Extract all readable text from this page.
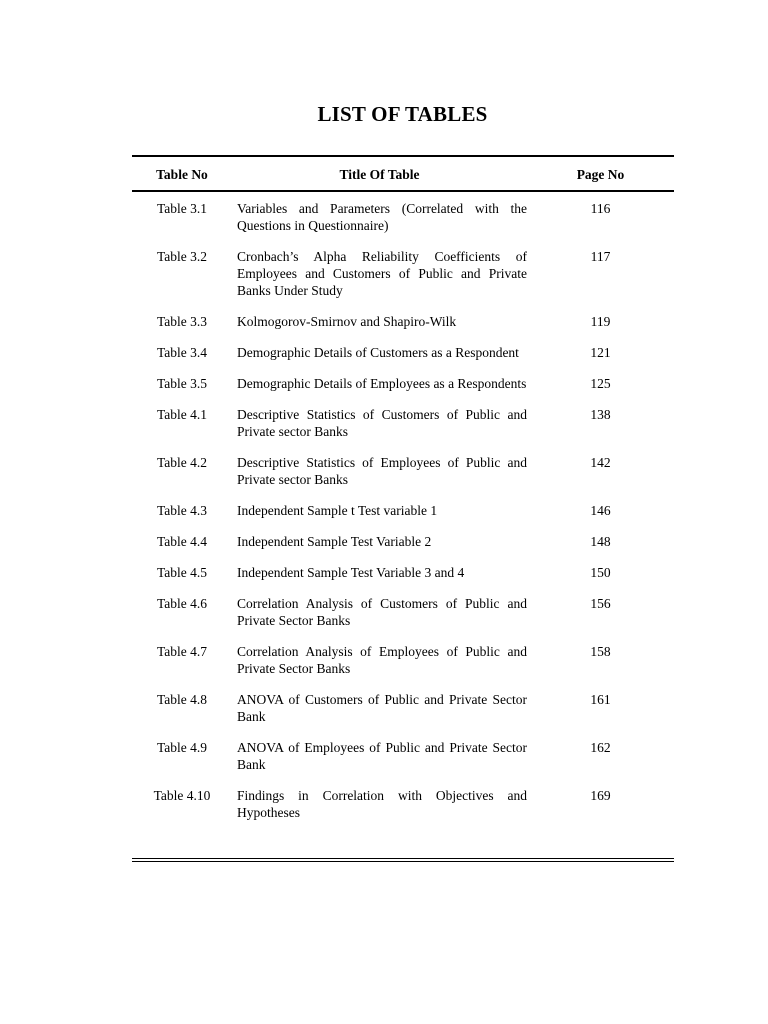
LIST OF TABLES
Table No	Title Of Table	Page No
Table 3.1	Variables and Parameters (Correlated with the Questions in Questionnaire)	116
Table 3.2	Cronbach’s Alpha Reliability Coefficients of Employees and Customers of Public and Private Banks Under Study	117
Table 3.3	Kolmogorov-Smirnov and Shapiro-Wilk	119
Table 3.4	Demographic Details of Customers as a Respondent	121
Table 3.5	Demographic Details of Employees as a Respondents	125
Table 4.1	Descriptive Statistics of Customers of Public and Private sector Banks	138
Table 4.2	Descriptive Statistics of Employees of Public and Private sector Banks	142
Table 4.3	Independent Sample t Test variable 1	146
Table 4.4	Independent Sample Test Variable 2	148
Table 4.5	Independent Sample Test Variable 3 and 4	150
Table 4.6	Correlation Analysis of Customers of Public and Private Sector Banks	156
Table 4.7	Correlation Analysis of Employees of Public and Private Sector Banks	158
Table 4.8	ANOVA of Customers of Public and Private Sector Bank	161
Table 4.9	ANOVA of Employees of Public and Private Sector Bank	162
Table 4.10	Findings in Correlation with Objectives and Hypotheses	169
